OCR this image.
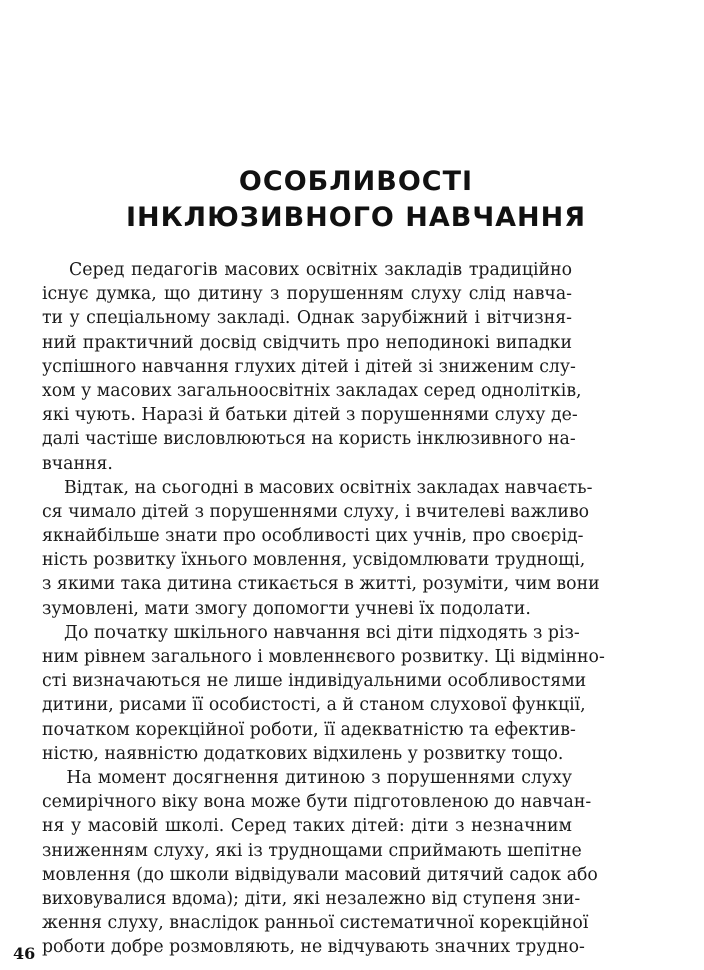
ОСОБЛИВОСТІ
ІНКЛЮЗИВНОГО НАВЧАННЯ
Серед педагогів масових освітніх закладів традиційно
існує думка, що дитину з порушенням слуху слід навча-
ти у спеціальному закладі. Однак зарубіжний і вітчизня-
ний практичний досвід свідчить про неподинокі випадки
успішного навчання глухих дітей і дітей зі зниженим слу-
хом у масових загальноосвітніх закладах серед однолітків,
які чують. Наразі й батьки дітей з порушеннями слуху де-
далі частіше висловлюються на користь інклюзивного на-
вчання.
Відтак, на сьогодні в масових освітніх закладах навчаєть-
ся чимало дітей з порушеннями слуху, і вчителеві важливо
якнайбільше знати про особливості цих учнів, про своєрід-
ність розвитку їхнього мовлення, усвідомлювати труднощі,
з якими така дитина стикається в житті, розуміти, чим вони
зумовлені, мати змогу допомогти учневі їх подолати.
До початку шкільного навчання всі діти підходять з різ-
ним рівнем загального і мовленнєвого розвитку. Ці відмінно-
сті визначаються не лише індивідуальними особливостями
дитини, рисами її особистості, а й станом слухової функції,
початком корекційної роботи, її адекватністю та ефектив-
ністю, наявністю додаткових відхилень у розвитку тощо.
На момент досягнення дитиною з порушеннями слуху
семирічного віку вона може бути підготовленою до навчан-
ня у масовій школі. Серед таких дітей: діти з незначним
зниженням слуху, які із труднощами сприймають шепітне
мовлення (до школи відвідували масовий дитячий садок або
виховувалися вдома); діти, які незалежно від ступеня зни-
ження слуху, внаслідок ранньої систематичної корекційної
роботи добре розмовляють, не відчувають значних трудно-
46
